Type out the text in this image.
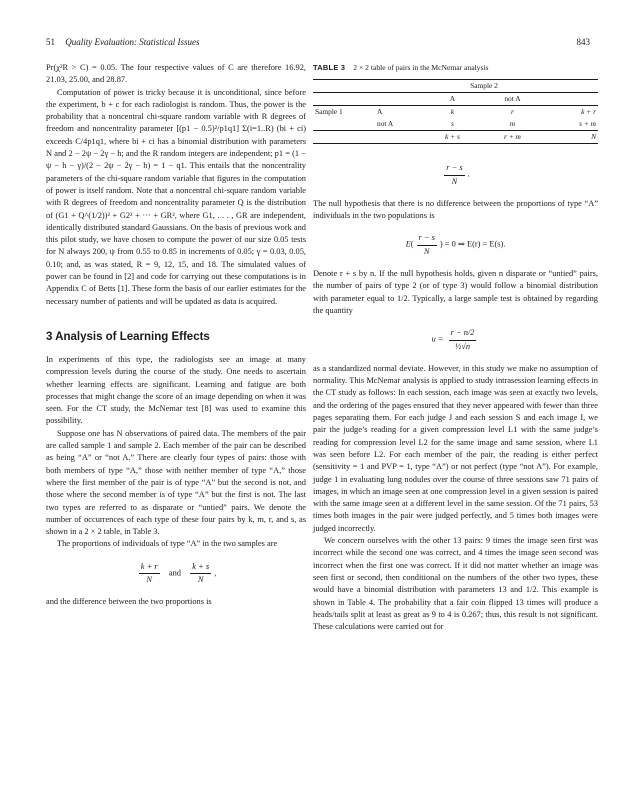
51 Quality Evaluation: Statistical Issues	843

Pr(χ²R > C) = 0.05. The four respective values of C are therefore 16.92, 21.03, 25.00, and 28.87.

Computation of power is tricky because it is unconditional, since before the experiment, b + c for each radiologist is random. Thus, the power is the probability that a noncentral chi-square random variable with R degrees of freedom and noncentrality parameter [(p1 − 0.5)²/p1q1] Σ(i=1..R) (bi + ci) exceeds C/4p1q1, where bi + ci has a binomial distribution with parameters N and 2 − 2ψ − 2γ − h; and the R random integers are independent; p1 = (1 − ψ − h − γ)/(2 − 2ψ − 2γ − h) = 1 − q1. This entails that the noncentrality parameters of the chi-square random variable that figures in the computation of power is itself random. Note that a noncentral chi-square random variable with R degrees of freedom and noncentrality parameter Q is the distribution of (G1 + Q^(1/2))² + G2² + ··· + GR², where G1, . . . , GR are independent, identically distributed standard Gaussians. On the basis of previous work and this pilot study, we have chosen to compute the power of our size 0.05 tests for N always 200, ψ from 0.55 to 0.85 in increments of 0.05; γ = 0.03, 0.05, 0.10; and, as was stated, R = 9, 12, 15, and 18. The simulated values of power can be found in [2] and code for carrying out these computations is in Appendix C of Betts [1]. These form the basis of our earlier estimates for the necessary number of patients and will be updated as data is acquired.

3 Analysis of Learning Effects

In experiments of this type, the radiologists see an image at many compression levels during the course of the study. One needs to ascertain whether learning effects are significant. Learning and fatigue are both processes that might change the score of an image depending on when it was seen. For the CT study, the McNemar test [8] was used to examine this possibility.

Suppose one has N observations of paired data. The members of the pair are called sample 1 and sample 2. Each member of the pair can be described as being “A” or “not A.” There are clearly four types of pairs: those with both members of type “A,” those with neither member of type “A,” those where the first member of the pair is of type “A” but the second is not, and those where the second member is of type “A” but the first is not. The last two types are referred to as disparate or “untied” pairs. We denote the number of occurrences of each type of these four pairs by k, m, r, and s, as shown in a 2 × 2 table, in Table 3.

The proportions of individuals of type “A” in the two samples are

$\frac{k + r}{N}$ and $\frac{k + s}{N}$ ,

and the difference between the two proportions is

TABLE 3 2 × 2 table of pairs in the McNemar analysis
		Sample 2		
		A	not A	
Sample 1	A	k	r	k + r
	not A	s	m	s + m
		k + s	r + m	N
$\frac{r - s}{N}$ .

The null hypothesis that there is no difference between the proportions of type “A” individuals in the two populations is

$E( \frac{r - s}{N}$ ) = 0 ⇒ E(r) = E(s).

Denote r + s by n. If the null hypothesis holds, given n disparate or “untied” pairs, the number of pairs of type 2 (or of type 3) would follow a binomial distribution with parameter equal to 1/2. Typically, a large sample test is obtained by regarding the quantity

$u = \frac{r - n/2}{\text{½√n}}$

as a standardized normal deviate. However, in this study we make no assumption of normality. This McNemar analysis is applied to study intrasession learning effects in the CT study as follows: In each session, each image was seen at exactly two levels, and the ordering of the pages ensured that they never appeared with fewer than three pages separating them. For each judge J and each session S and each image I, we pair the judge’s reading for a given compression level L1 with the same judge’s reading for compression level L2 for the same image and same session, where L1 was seen before L2. For each member of the pair, the reading is either perfect (sensitivity = 1 and PVP = 1, type “A”) or not perfect (type “not A”). For example, judge 1 in evaluating lung nodules over the course of three sessions saw 71 pairs of images, in which an image seen at one compression level in a given session is paired with the same image seen at a different level in the same session. Of the 71 pairs, 53 times both images in the pair were judged perfectly, and 5 times both images were judged incorrectly.

We concern ourselves with the other 13 pairs: 9 times the image seen first was incorrect while the second one was correct, and 4 times the image seen second was incorrect when the first one was correct. If it did not matter whether an image was seen first or second, then conditional on the numbers of the other two types, these would have a binomial distribution with parameters 13 and 1/2. This example is shown in Table 4. The probability that a fair coin flipped 13 times will produce a heads/tails split at least as great as 9 to 4 is 0.267; thus, this result is not significant. These calculations were carried out for
